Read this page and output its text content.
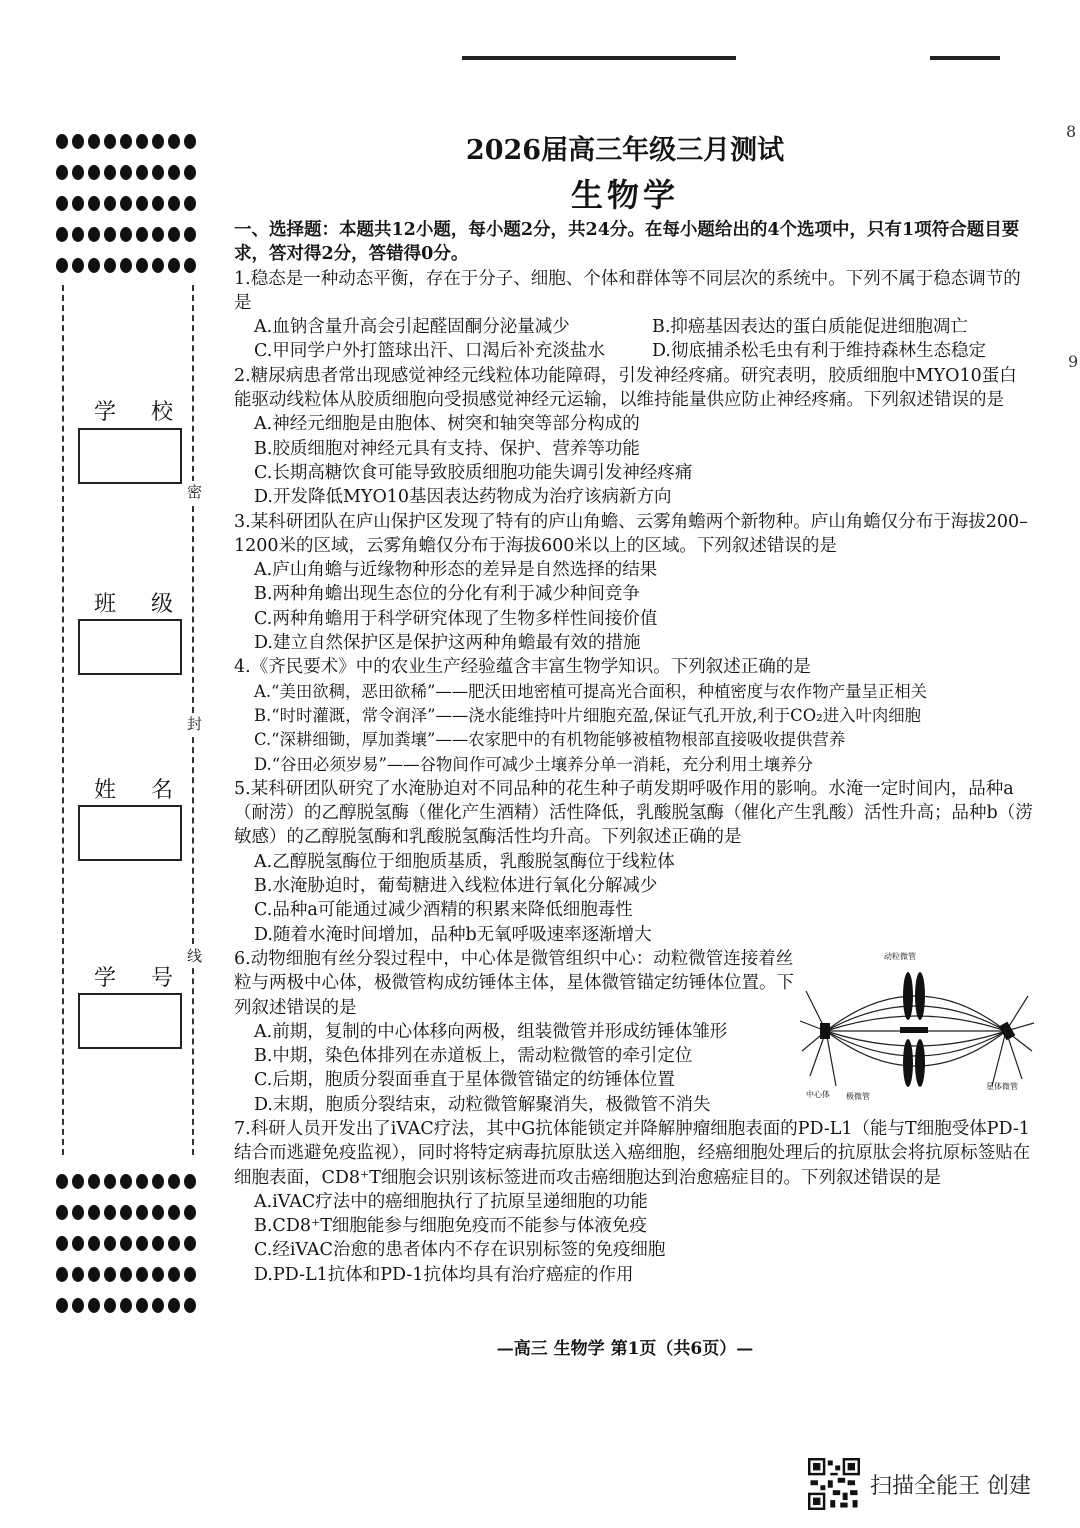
8
9
密
封
线
学 校
班 级
姓 名
学 号
2026届高三年级三月测试
生物学
一、选择题：本题共12小题，每小题2分，共24分。在每小题给出的4个选项中，只有1项符合题目要求，答对得2分，答错得0分。
1.稳态是一种动态平衡，存在于分子、细胞、个体和群体等不同层次的系统中。下列不属于稳态调节的是
A.血钠含量升高会引起醛固酮分泌量减少	B.抑癌基因表达的蛋白质能促进细胞凋亡
C.甲同学户外打篮球出汗、口渴后补充淡盐水	D.彻底捕杀松毛虫有利于维持森林生态稳定
2.糖尿病患者常出现感觉神经元线粒体功能障碍，引发神经疼痛。研究表明，胶质细胞中MYO10蛋白能驱动线粒体从胶质细胞向受损感觉神经元运输，以维持能量供应防止神经疼痛。下列叙述错误的是
A.神经元细胞是由胞体、树突和轴突等部分构成的
B.胶质细胞对神经元具有支持、保护、营养等功能
C.长期高糖饮食可能导致胶质细胞功能失调引发神经疼痛
D.开发降低MYO10基因表达药物成为治疗该病新方向
3.某科研团队在庐山保护区发现了特有的庐山角蟾、云雾角蟾两个新物种。庐山角蟾仅分布于海拔200–1200米的区域，云雾角蟾仅分布于海拔600米以上的区域。下列叙述错误的是
A.庐山角蟾与近缘物种形态的差异是自然选择的结果
B.两种角蟾出现生态位的分化有利于减少种间竞争
C.两种角蟾用于科学研究体现了生物多样性间接价值
D.建立自然保护区是保护这两种角蟾最有效的措施
4.《齐民要术》中的农业生产经验蕴含丰富生物学知识。下列叙述正确的是
A.“美田欲稠，恶田欲稀”——肥沃田地密植可提高光合面积，种植密度与农作物产量呈正相关
B.“时时灌溉，常令润泽”——浇水能维持叶片细胞充盈,保证气孔开放,利于CO₂进入叶肉细胞
C.“深耕细锄，厚加粪壤”——农家肥中的有机物能够被植物根部直接吸收提供营养
D.“谷田必须岁易”——谷物间作可减少土壤养分单一消耗，充分利用土壤养分
5.某科研团队研究了水淹胁迫对不同品种的花生种子萌发期呼吸作用的影响。水淹一定时间内，品种a（耐涝）的乙醇脱氢酶（催化产生酒精）活性降低，乳酸脱氢酶（催化产生乳酸）活性升高；品种b（涝敏感）的乙醇脱氢酶和乳酸脱氢酶活性均升高。下列叙述正确的是
A.乙醇脱氢酶位于细胞质基质，乳酸脱氢酶位于线粒体
B.水淹胁迫时，葡萄糖进入线粒体进行氧化分解减少
C.品种a可能通过减少酒精的积累来降低细胞毒性
D.随着水淹时间增加，品种b无氧呼吸速率逐渐增大
6.动物细胞有丝分裂过程中，中心体是微管组织中心：动粒微管连接着丝粒与两极中心体，极微管构成纺锤体主体，星体微管锚定纺锤体位置。下列叙述错误的是
A.前期，复制的中心体移向两极，组装微管并形成纺锤体雏形
B.中期，染色体排列在赤道板上，需动粒微管的牵引定位
C.后期，胞质分裂面垂直于星体微管锚定的纺锤体位置
D.末期，胞质分裂结束，动粒微管解聚消失，极微管不消失
动粒微管
中心体 极微管
星体微管
7.科研人员开发出了iVAC疗法，其中G抗体能锁定并降解肿瘤细胞表面的PD-L1（能与T细胞受体PD-1结合而逃避免疫监视），同时将特定病毒抗原肽送入癌细胞，经癌细胞处理后的抗原肽会将抗原标签贴在细胞表面，CD8⁺T细胞会识别该标签进而攻击癌细胞达到治愈癌症目的。下列叙述错误的是
A.iVAC疗法中的癌细胞执行了抗原呈递细胞的功能
B.CD8⁺T细胞能参与细胞免疫而不能参与体液免疫
C.经iVAC治愈的患者体内不存在识别标签的免疫细胞
D.PD-L1抗体和PD-1抗体均具有治疗癌症的作用
—高三 生物学 第1页（共6页）—
扫描全能王 创建
